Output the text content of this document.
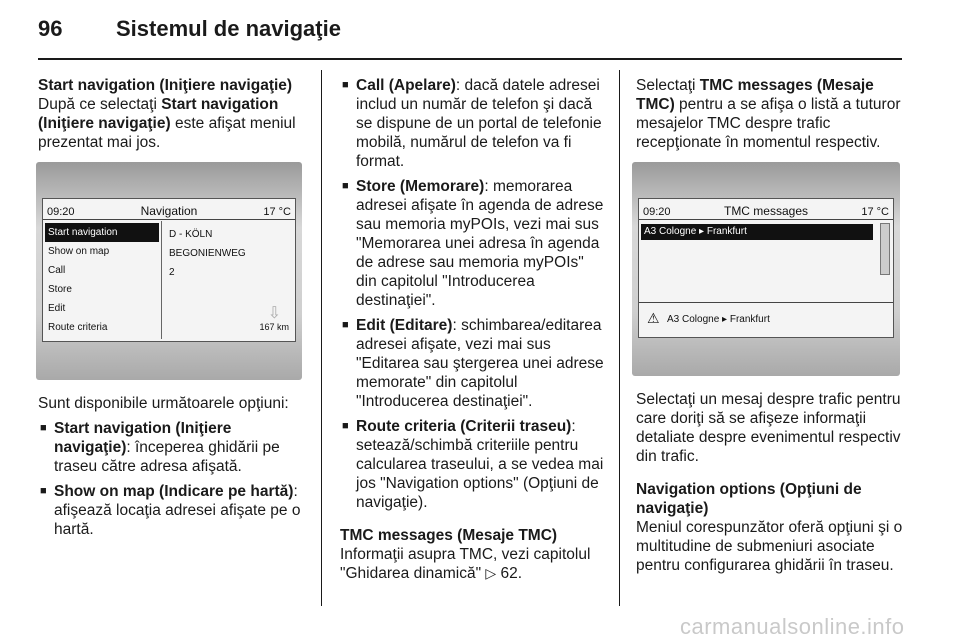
96 Sistemul de navigaţie

Start navigation (Iniţiere navigaţie)

După ce selectaţi Start navigation (Iniţiere navigaţie) este afişat meniul prezentat mai jos.

09:20	Navigation	17 °C
Start navigation
Show on map
Call
Store
Edit
Route criteria
D - KÖLN
BEGONIENWEG
2
⇩
167 km

Sunt disponibile următoarele opţiuni:

■ Start navigation (Iniţiere navigaţie): începerea ghidării pe traseu către adresa afişată.
■ Show on map (Indicare pe hartă): afişează locaţia adresei afişate pe o hartă.
■ Call (Apelare): dacă datele adresei includ un număr de telefon şi dacă se dispune de un portal de telefonie mobilă, numărul de telefon va fi format.
■ Store (Memorare): memorarea adresei afişate în agenda de adrese sau memoria myPOIs, vezi mai sus "Memorarea unei adresa în agenda de adrese sau memoria myPOIs" din capitolul "Introducerea destinaţiei".
■ Edit (Editare): schimbarea/editarea adresei afişate, vezi mai sus "Editarea sau ştergerea unei adrese memorate" din capitolul "Introducerea destinaţiei".
■ Route criteria (Criterii traseu): setează/schimbă criteriile pentru calcularea traseului, a se vedea mai jos "Navigation options" (Opţiuni de navigaţie).

TMC messages (Mesaje TMC)

Informaţii asupra TMC, vezi capitolul "Ghidarea dinamică" ▷ 62.

Selectaţi TMC messages (Mesaje TMC) pentru a se afişa o listă a tuturor mesajelor TMC despre trafic recepţionate în momentul respectiv.

09:20	TMC messages	17 °C
A3 Cologne ▸ Frankfurt
⚠ A3 Cologne ▸ Frankfurt

Selectaţi un mesaj despre trafic pentru care doriţi să se afişeze informaţii detaliate despre evenimentul respectiv din trafic.

Navigation options (Opţiuni de navigaţie)

Meniul corespunzător oferă opţiuni şi o multitudine de submeniuri asociate pentru configurarea ghidării în traseu.

carmanualsonline.info
